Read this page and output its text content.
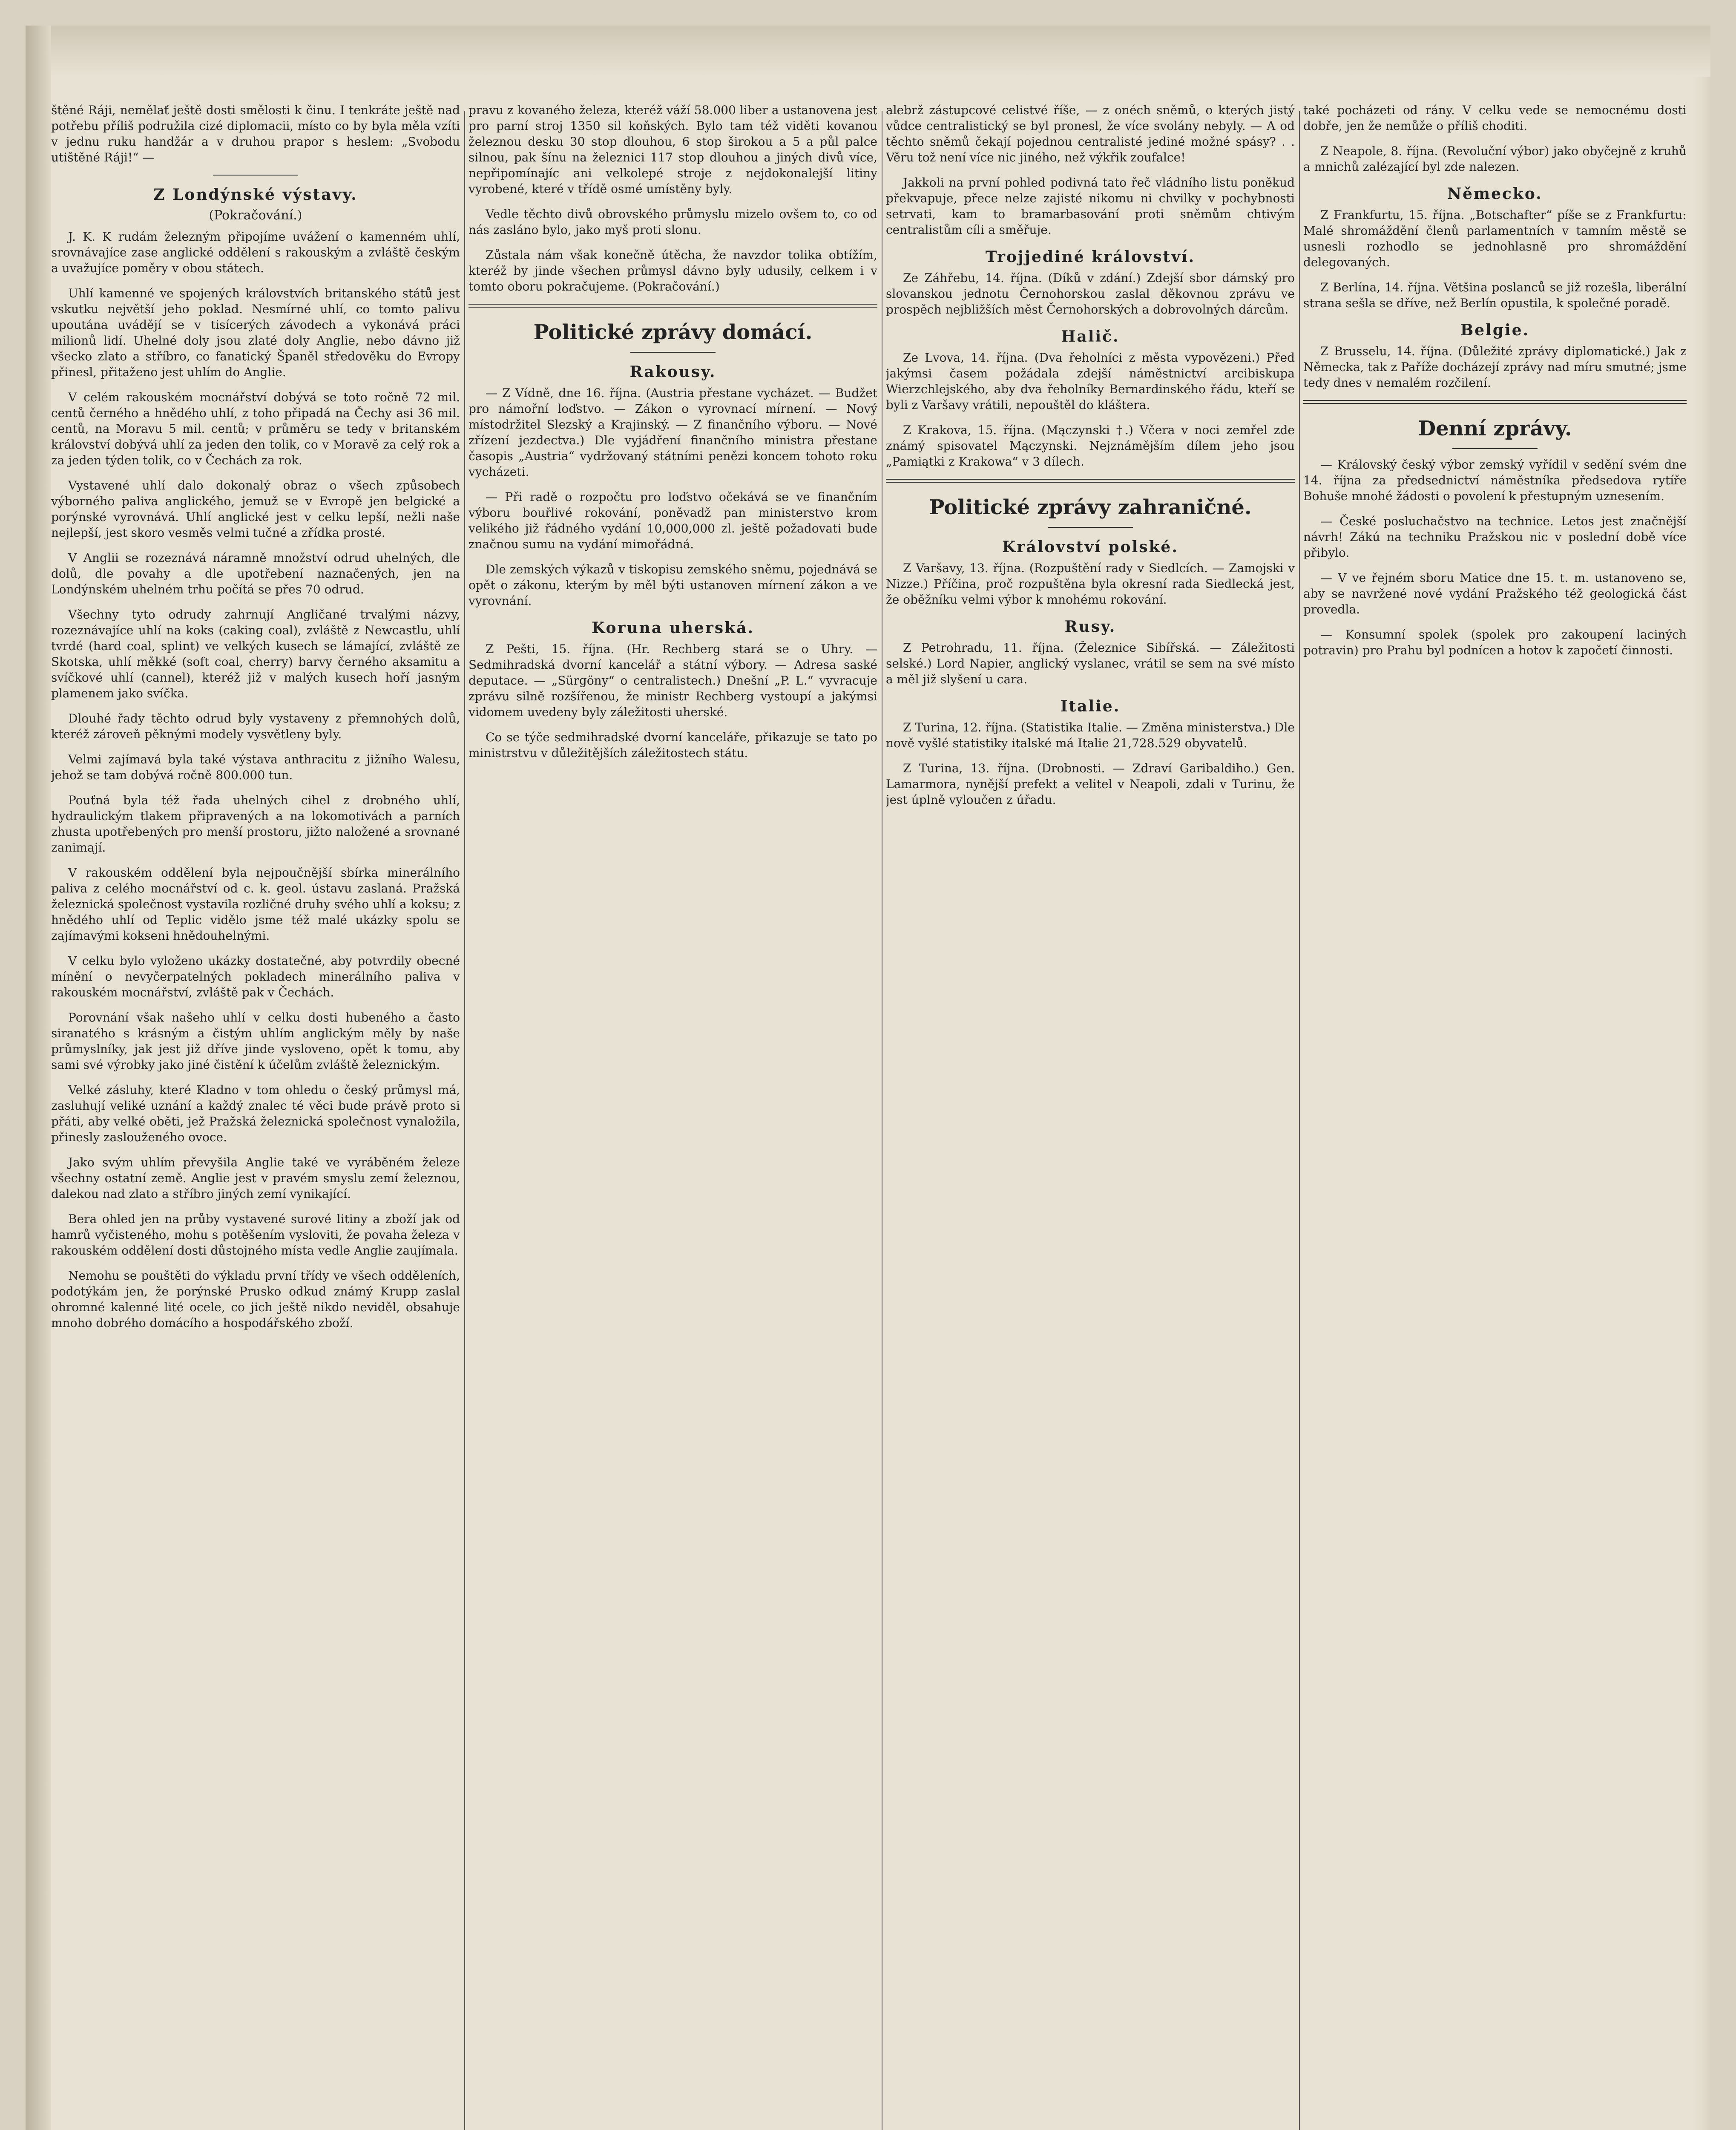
štěné Ráji, nemělať ještě dosti smělosti k činu. I tenkráte ještě nad potřebu příliš podružila cizé diplomacii, místo co by byla měla vzíti v jednu ruku handžár a v druhou prapor s heslem: „Svobodu utištěné Ráji!“ —

Z Londýnské výstavy.
(Pokračování.)

J. K. K rudám železným připojíme uvážení o kamenném uhlí, srovnávajíce zase anglické oddělení s rakouským a zvláště českým a uvažujíce poměry v obou státech.

Uhlí kamenné ve spojených královstvích britanského států jest vskutku největší jeho poklad. Nesmírné uhlí, co tomto palivu upoutána uvádějí se v tisícerých závodech a vykonává práci milionů lidí. Uhelné doly jsou zlaté doly Anglie, nebo dávno již všecko zlato a stříbro, co fanatický Španěl středověku do Evropy přinesl, přitaženo jest uhlím do Anglie.

V celém rakouském mocnářství dobývá se toto ročně 72 mil. centů černého a hnědého uhlí, z toho připadá na Čechy asi 36 mil. centů, na Moravu 5 mil. centů; v průměru se tedy v britanském království dobývá uhlí za jeden den tolik, co v Moravě za celý rok a za jeden týden tolik, co v Čechách za rok.

Vystavené uhlí dalo dokonalý obraz o všech způsobech výborného paliva anglického, jemuž se v Evropě jen belgické a porýnské vyrovnává. Uhlí anglické jest v celku lepší, nežli naše nejlepší, jest skoro vesměs velmi tučné a zřídka prosté.

V Anglii se rozeznává náramně množství odrud uhelných, dle dolů, dle povahy a dle upotřebení naznačených, jen na Londýnském uhelném trhu počítá se přes 70 odrud.

Všechny tyto odrudy zahrnují Angličané trvalými názvy, rozeznávajíce uhlí na koks (caking coal), zvláště z Newcastlu, uhlí tvrdé (hard coal, splint) ve velkých kusech se lámající, zvláště ze Skotska, uhlí měkké (soft coal, cherry) barvy černého aksamitu a svíčkové uhlí (cannel), kteréž již v malých kusech hoří jasným plamenem jako svíčka.

Dlouhé řady těchto odrud byly vystaveny z přemnohých dolů, kteréž zároveň pěknými modely vysvětleny byly.

Velmi zajímavá byla také výstava anthracitu z jižního Walesu, jehož se tam dobývá ročně 800.000 tun.

Pouťná byla též řada uhelných cihel z drobného uhlí, hydraulickým tlakem připravených a na lokomotivách a parních zhusta upotřebených pro menší prostoru, jižto naložené a srovnané zanimají.

V rakouském oddělení byla nejpoučnější sbírka minerálního paliva z celého mocnářství od c. k. geol. ústavu zaslaná. Pražská železnická společnost vystavila rozličné druhy svého uhlí a koksu; z hnědého uhlí od Teplic vidělo jsme též malé ukázky spolu se zajímavými kokseni hnědouhelnými.

V celku bylo vyloženo ukázky dostatečné, aby potvrdily obecné mínění o nevyčerpatelných pokladech minerálního paliva v rakouském mocnářství, zvláště pak v Čechách.

Porovnání však našeho uhlí v celku dosti hubeného a často siranatého s krásným a čistým uhlím anglickým měly by naše průmyslníky, jak jest již dříve jinde vysloveno, opět k tomu, aby sami své výrobky jako jiné čistění k účelům zvláště železnickým.

Velké zásluhy, které Kladno v tom ohledu o český průmysl má, zasluhují veliké uznání a každý znalec té věci bude právě proto si přáti, aby velké oběti, jež Pražská železnická společnost vynaložila, přinesly zaslouženého ovoce.

Jako svým uhlím převyšila Anglie také ve vyráběném železe všechny ostatní země. Anglie jest v pravém smyslu zemí železnou, dalekou nad zlato a stříbro jiných zemí vynikající.

Bera ohled jen na průby vystavené surové litiny a zboží jak od hamrů vyčisteného, mohu s potěšením vysloviti, že povaha železa v rakouském oddělení dosti důstojného místa vedle Anglie zaujímala.

Nemohu se pouštěti do výkladu první třídy ve všech odděleních, podotýkám jen, že porýnské Prusko odkud známý Krupp zaslal ohromné kalenné lité ocele, co jich ještě nikdo neviděl, obsahuje mnoho dobrého domácího a hospodářského zboží.

pravu z kovaného železa, kteréž váží 58.000 liber a ustanovena jest pro parní stroj 1350 sil koňských. Bylo tam též viděti kovanou železnou desku 30 stop dlouhou, 6 stop širokou a 5 a půl palce silnou, pak šínu na železnici 117 stop dlouhou a jiných divů více, nepřipomínajíc ani velkolepé stroje z nejdokonalejší litiny vyrobené, které v třídě osmé umístěny byly.

Vedle těchto divů obrovského průmyslu mizelo ovšem to, co od nás zasláno bylo, jako myš proti slonu.

Zůstala nám však konečně útěcha, že navzdor tolika obtížím, kteréž by jinde všechen průmysl dávno byly udusily, celkem i v tomto oboru pokračujeme. (Pokračování.)

Politické zprávy domácí.
Rakousy.

— Z Vídně, dne 16. října. (Austria přestane vycházet. — Budžet pro námořní loďstvo. — Zákon o vyrovnací mírnení. — Nový místodržitel Slezský a Krajinský. — Z finančního výboru. — Nové zřízení jezdectva.) Dle vyjádření finančního ministra přestane časopis „Austria“ vydržovaný státními penězi koncem tohoto roku vycházeti.

— Při radě o rozpočtu pro loďstvo očekává se ve finančním výboru bouřlivé rokování, poněvadž pan ministerstvo krom velikého již řádného vydání 10,000,000 zl. ještě požadovati bude značnou sumu na vydání mimořádná.

Dle zemských výkazů v tiskopisu zemského sněmu, pojednává se opět o zákonu, kterým by měl býti ustanoven mírnení zákon a ve vyrovnání.

Koruna uherská.

Z Pešti, 15. října. (Hr. Rechberg stará se o Uhry. — Sedmihradská dvorní kancelář a státní výbory. — Adresa saské deputace. — „Sürgöny“ o centralistech.) Dnešní „P. L.“ vyvracuje zprávu silně rozšířenou, že ministr Rechberg vystoupí a jakýmsi vidomem uvedeny byly záležitosti uherské.

Co se týče sedmihradské dvorní kanceláře, přikazuje se tato po ministrstvu v důležitějších záležitostech státu.

alebrž zástupcové celistvé říše, — z onéch sněmů, o kterých jistý vůdce centralistický se byl pronesl, že více svolány nebyly. — A od těchto sněmů čekají pojednou centralisté jediné možné spásy? . . Věru tož není více nic jiného, než výkřik zoufalce!

Jakkoli na první pohled podivná tato řeč vládního listu poněkud překvapuje, přece nelze zajisté nikomu ni chvilky v pochybnosti setrvati, kam to bramarbasování proti sněmům chtivým centralistům cíli a směřuje.

Trojjediné království.

Ze Záhřebu, 14. října. (Díků v zdání.) Zdejší sbor dámský pro slovanskou jednotu Černohorskou zaslal děkovnou zprávu ve prospěch nejbližších měst Černohorských a dobrovolných dárcům.

Halič.

Ze Lvova, 14. října. (Dva řeholníci z města vypovězeni.) Před jakýmsi časem požádala zdejší náměstnictví arcibiskupa Wierzchlejského, aby dva řeholníky Bernardinského řádu, kteří se byli z Varšavy vrátili, nepouštěl do kláštera.

Z Krakova, 15. října. (Mączynski †.) Včera v noci zemřel zde známý spisovatel Mączynski. Nejznámějším dílem jeho jsou „Pamiątki z Krakowa“ v 3 dílech.

Politické zprávy zahraničné.
Království polské.

Z Varšavy, 13. října. (Rozpuštění rady v Siedlcích. — Zamojski v Nizze.) Příčina, proč rozpuštěna byla okresní rada Siedlecká jest, že oběžníku velmi výbor k mnohému rokování.

Rusy.

Z Petrohradu, 11. října. (Železnice Sibířská. — Záležitosti selské.) Lord Napier, anglický vyslanec, vrátil se sem na své místo a měl již slyšení u cara.

Italie.

Z Turina, 12. října. (Statistika Italie. — Změna ministerstva.) Dle nově vyšlé statistiky italské má Italie 21,728.529 obyvatelů.

Z Turina, 13. října. (Drobnosti. — Zdraví Garibaldiho.) Gen. Lamarmora, nynější prefekt a velitel v Neapoli, zdali v Turinu, že jest úplně vyloučen z úřadu.

také pocházeti od rány. V celku vede se nemocnému dosti dobře, jen že nemůže o příliš choditi.

Z Neapole, 8. října. (Revoluční výbor) jako obyčejně z kruhů a mnichů zalézající byl zde nalezen.

Německo.

Z Frankfurtu, 15. října. „Botschafter“ píše se z Frankfurtu: Malé shromáždění členů parlamentních v tamním městě se usnesli rozhodlo se jednohlasně pro shromáždění delegovaných.

Z Berlína, 14. října. Většina poslanců se již rozešla, liberální strana sešla se dříve, než Berlín opustila, k společné poradě.

Belgie.

Z Brusselu, 14. října. (Důležité zprávy diplomatické.) Jak z Německa, tak z Paříže docházejí zprávy nad míru smutné; jsme tedy dnes v nemalém rozčilení.

Denní zprávy.

— Královský český výbor zemský vyřídil v sedění svém dne 14. října za předsednictví náměstníka předsedova rytíře Bohuše mnohé žádosti o povolení k přestupným uznesením.

— České posluchačstvo na technice. Letos jest značnější návrh! Zákú na techniku Pražskou nic v poslední době více přibylo.

— V ve řejném sboru Matice dne 15. t. m. ustanoveno se, aby se navržené nové vydání Pražského též geologická část provedla.

— Konsumní spolek (spolek pro zakoupení laciných potravin) pro Prahu byl podnícen a hotov k započetí činnosti.
